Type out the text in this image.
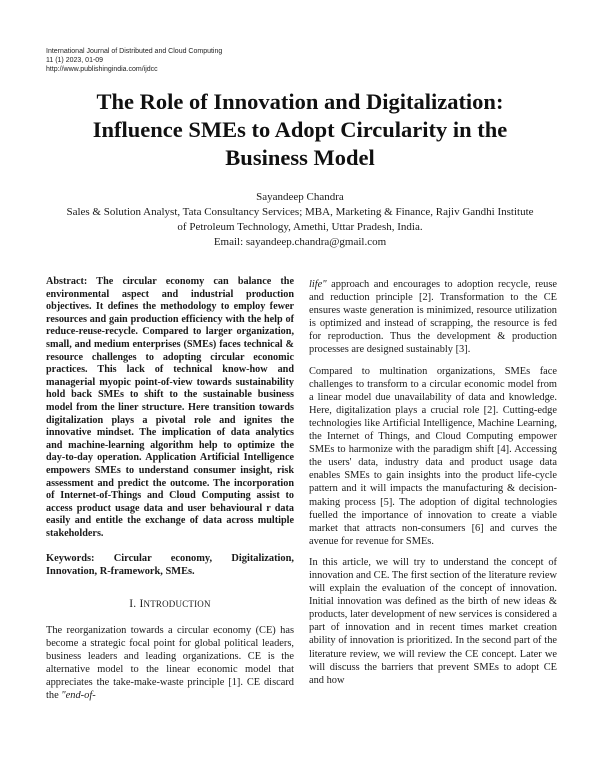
International Journal of Distributed and Cloud Computing
11 (1) 2023, 01-09
http://www.publishingindia.com/ijdcc
The Role of Innovation and Digitalization:
Influence SMEs to Adopt Circularity in the
Business Model
Sayandeep Chandra
Sales & Solution Analyst, Tata Consultancy Services; MBA, Marketing & Finance, Rajiv Gandhi Institute
of Petroleum Technology, Amethi, Uttar Pradesh, India.
Email: sayandeep.chandra@gmail.com

Abstract: The circular economy can balance the environmental aspect and industrial production objectives. It defines the methodology to employ fewer resources and gain production efficiency with the help of reduce-reuse-recycle. Compared to larger organization, small, and medium enterprises (SMEs) faces technical & resource challenges to adopting circular economic practices. This lack of technical know-how and managerial myopic point-of-view towards sustainability hold back SMEs to shift to the sustainable business model from the liner structure. Here transition towards digitalization plays a pivotal role and ignites the innovative mindset. The implication of data analytics and machine-learning algorithm help to optimize the day-to-day operation. Application Artificial Intelligence empowers SMEs to understand consumer insight, risk assessment and predict the outcome. The incorporation of Internet-of-Things and Cloud Computing assist to access product usage data and user behavioural r data easily and entitle the exchange of data across multiple stakeholders.

Keywords: Circular economy, Digitalization, Innovation, R-framework, SMEs.

I. INTRODUCTION

The reorganization towards a circular economy (CE) has become a strategic focal point for global political leaders, business leaders and leading organizations. CE is the alternative model to the linear economic model that appreciates the take-make-waste principle [1]. CE discard the "end-of-

life" approach and encourages to adoption recycle, reuse and reduction principle [2]. Transformation to the CE ensures waste generation is minimized, resource utilization is optimized and instead of scrapping, the resource is fed for reproduction. Thus the development & production processes are designed sustainably [3].

Compared to multination organizations, SMEs face challenges to transform to a circular economic model from a linear model due unavailability of data and knowledge. Here, digitalization plays a crucial role [2]. Cutting-edge technologies like Artificial Intelligence, Machine Learning, the Internet of Things, and Cloud Computing empower SMEs to harmonize with the paradigm shift [4]. Accessing the users' data, industry data and product usage data enables SMEs to gain insights into the product life-cycle pattern and it will impacts the manufacturing & decision-making process [5]. The adoption of digital technologies fuelled the importance of innovation to create a viable market that attracts non-consumers [6] and curves the avenue for revenue for SMEs.

In this article, we will try to understand the concept of innovation and CE. The first section of the literature review will explain the evaluation of the concept of innovation. Initial innovation was defined as the birth of new ideas & products, later development of new services is considered a part of innovation and in recent times market creation ability of innovation is prioritized. In the second part of the literature review, we will review the CE concept. Later we will discuss the barriers that prevent SMEs to adopt CE and how
